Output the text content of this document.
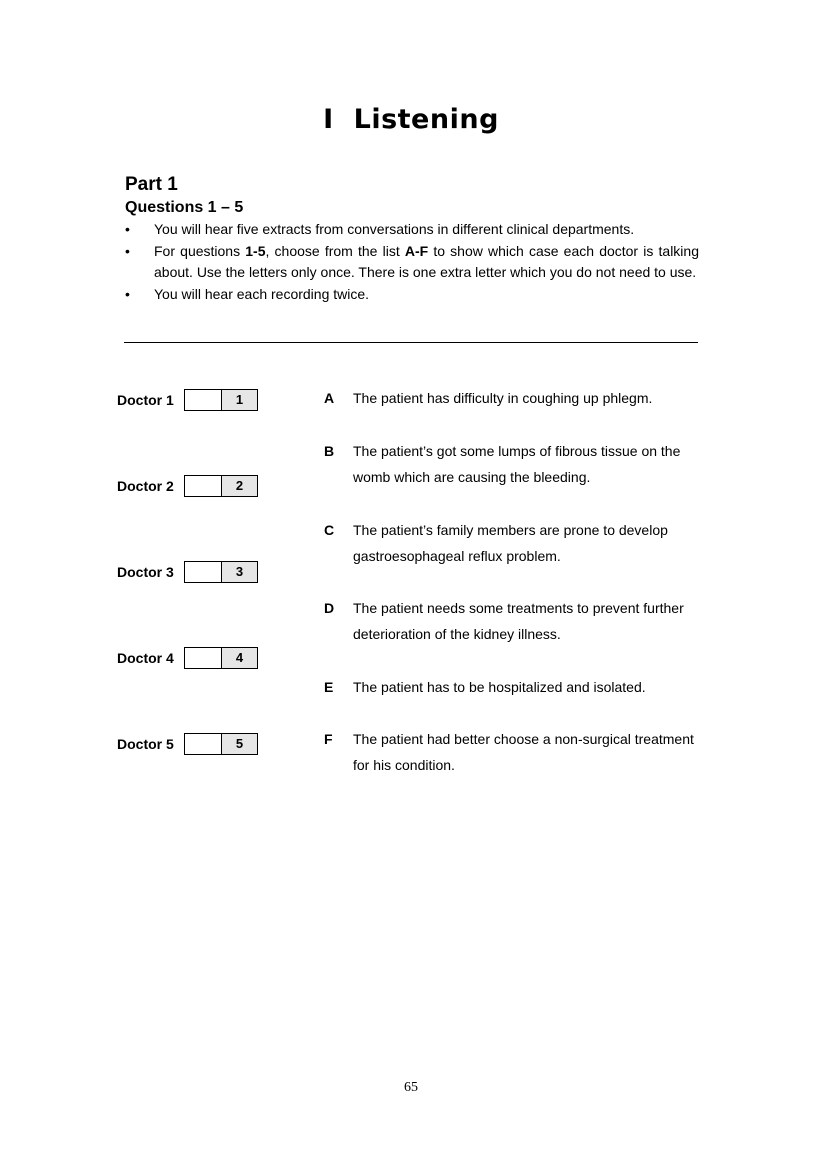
I Listening
Part 1
Questions 1 – 5
• You will hear five extracts from conversations in different clinical departments.
• For questions 1-5, choose from the list A-F to show which case each doctor is talking about. Use the letters only once. There is one extra letter which you do not need to use.
• You will hear each recording twice.
Doctor 1	1
Doctor 2	2
Doctor 3	3
Doctor 4	4
Doctor 5	5
A	The patient has difficulty in coughing up phlegm.
B	The patient’s got some lumps of fibrous tissue on the womb which are causing the bleeding.
C	The patient’s family members are prone to develop gastroesophageal reflux problem.
D	The patient needs some treatments to prevent further deterioration of the kidney illness.
E	The patient has to be hospitalized and isolated.
F	The patient had better choose a non-surgical treatment for his condition.
65
